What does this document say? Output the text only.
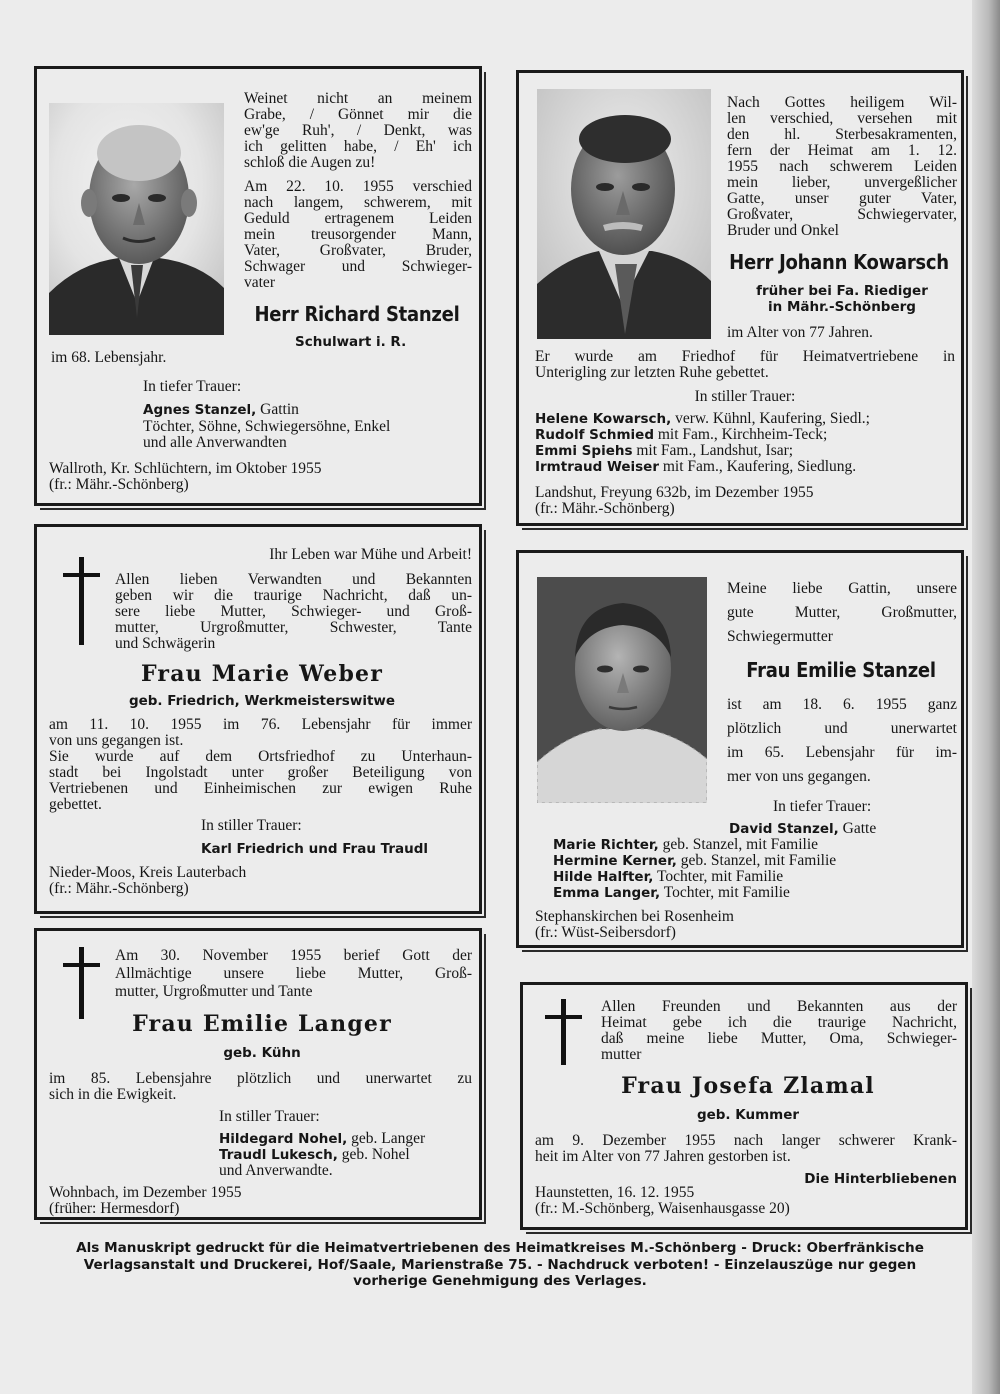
Weinet nicht an meinem
Grabe, / Gönnet mir die
ew'ge Ruh', / Denkt, was
ich gelitten habe, / Eh' ich
schloß die Augen zu!
Am 22. 10. 1955 verschied
nach langem, schwerem, mit
Geduld ertragenem Leiden
mein treusorgender Mann,
Vater, Großvater, Bruder,
Schwager und Schwieger-
vater
Herr Richard Stanzel
Schulwart i. R.
im 68. Lebensjahr.
In tiefer Trauer:
Agnes Stanzel, Gattin
Töchter, Söhne, Schwiegersöhne, Enkel
und alle Anverwandten
Wallroth, Kr. Schlüchtern, im Oktober 1955
(fr.: Mähr.-Schönberg)
Nach Gottes heiligem Wil-
len verschied, versehen mit
den hl. Sterbesakramenten,
fern der Heimat am 1. 12.
1955 nach schwerem Leiden
mein lieber, unvergeßlicher
Gatte, unser guter Vater,
Großvater, Schwiegervater,
Bruder und Onkel
Herr Johann Kowarsch
früher bei Fa. Riediger
in Mähr.-Schönberg
im Alter von 77 Jahren.
Er wurde am Friedhof für Heimatvertriebene in
Unterigling zur letzten Ruhe gebettet.
In stiller Trauer:
Helene Kowarsch, verw. Kühnl, Kaufering, Siedl.;
Rudolf Schmied mit Fam., Kirchheim-Teck;
Emmi Spiehs mit Fam., Landshut, Isar;
Irmtraud Weiser mit Fam., Kaufering, Siedlung.
Landshut, Freyung 632b, im Dezember 1955
(fr.: Mähr.-Schönberg)
Ihr Leben war Mühe und Arbeit!
Allen lieben Verwandten und Bekannten
geben wir die traurige Nachricht, daß un-
sere liebe Mutter, Schwieger- und Groß-
mutter, Urgroßmutter, Schwester, Tante
und Schwägerin
Frau Marie Weber
geb. Friedrich, Werkmeisterswitwe
am 11. 10. 1955 im 76. Lebensjahr für immer
von uns gegangen ist.
Sie wurde auf dem Ortsfriedhof zu Unterhaun-
stadt bei Ingolstadt unter großer Beteiligung von
Vertriebenen und Einheimischen zur ewigen Ruhe
gebettet.
In stiller Trauer:
Karl Friedrich und Frau Traudl
Nieder-Moos, Kreis Lauterbach
(fr.: Mähr.-Schönberg)
Meine liebe Gattin, unsere
gute Mutter, Großmutter,
Schwiegermutter
Frau Emilie Stanzel
ist am 18. 6. 1955 ganz
plötzlich und unerwartet
im 65. Lebensjahr für im-
mer von uns gegangen.
In tiefer Trauer:
David Stanzel, Gatte
Marie Richter, geb. Stanzel, mit Familie
Hermine Kerner, geb. Stanzel, mit Familie
Hilde Halfter, Tochter, mit Familie
Emma Langer, Tochter, mit Familie
Stephanskirchen bei Rosenheim
(fr.: Wüst-Seibersdorf)
Am 30. November 1955 berief Gott der
Allmächtige unsere liebe Mutter, Groß-
mutter, Urgroßmutter und Tante
Frau Emilie Langer
geb. Kühn
im 85. Lebensjahre plötzlich und unerwartet zu
sich in die Ewigkeit.
In stiller Trauer:
Hildegard Nohel, geb. Langer
Traudl Lukesch, geb. Nohel
und Anverwandte.
Wohnbach, im Dezember 1955
(früher: Hermesdorf)
Allen Freunden und Bekannten aus der
Heimat gebe ich die traurige Nachricht,
daß meine liebe Mutter, Oma, Schwieger-
mutter
Frau Josefa Zlamal
geb. Kummer
am 9. Dezember 1955 nach langer schwerer Krank-
heit im Alter von 77 Jahren gestorben ist.
Die Hinterbliebenen
Haunstetten, 16. 12. 1955
(fr.: M.-Schönberg, Waisenhausgasse 20)
Als Manuskript gedruckt für die Heimatvertriebenen des Heimatkreises M.-Schönberg - Druck: Oberfränkische
Verlagsanstalt und Druckerei, Hof/Saale, Marienstraße 75. - Nachdruck verboten! - Einzelauszüge nur gegen
vorherige Genehmigung des Verlages.
